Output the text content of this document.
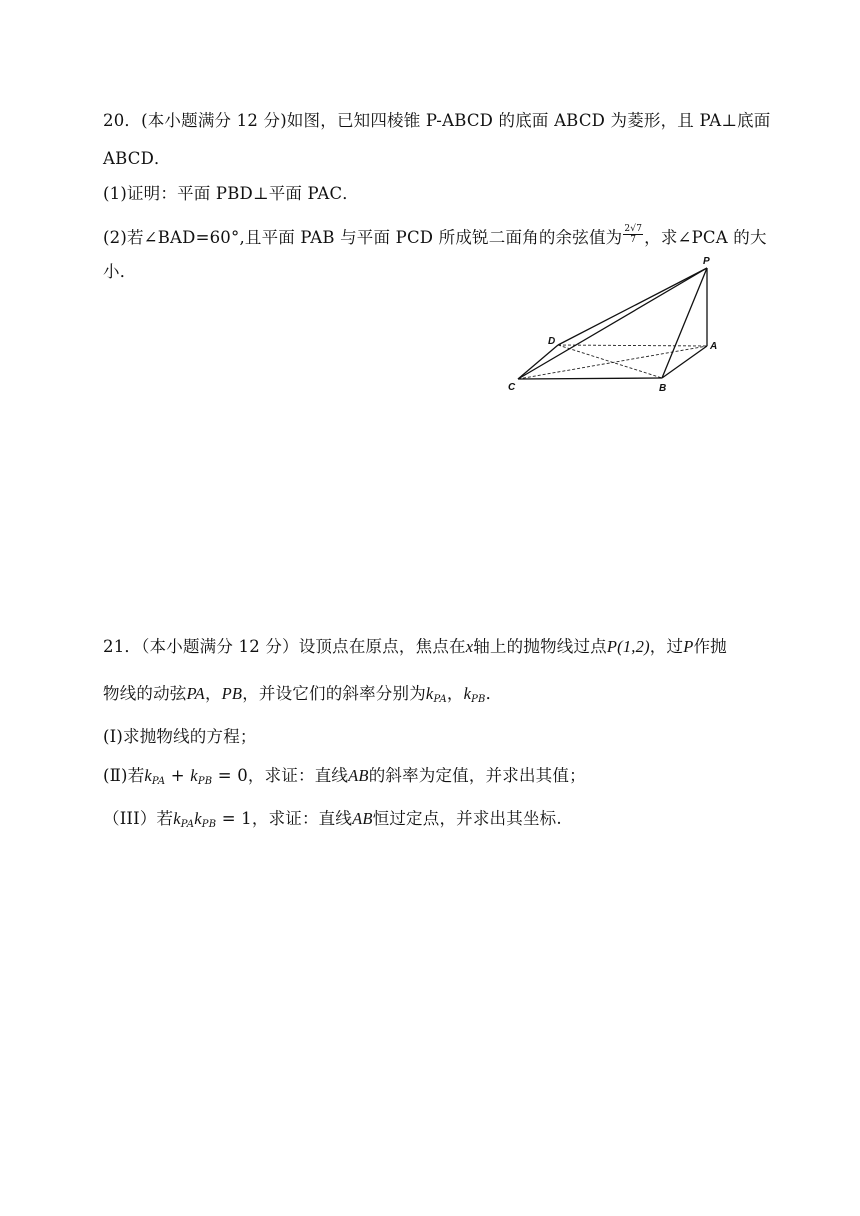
20．(本小题满分 12 分)如图，已知四棱锥 P-ABCD 的底面 ABCD 为菱形，且 PA⊥底面
ABCD．
(1)证明：平面 PBD⊥平面 PAC．
(2)若∠BAD=60°,且平面 PAB 与平面 PCD 所成锐二面角的余弦值为 $\frac{2√7}{7}$ ，求∠PCA 的大
小．
P
A
B
C
D
21．（本小题满分 12 分）设顶点在原点，焦点在x轴上的抛物线过点P(1,2)，过P作抛
物线的动弦PA，PB，并设它们的斜率分别为kPA，kPB．
(Ⅰ)求抛物线的方程；
(Ⅱ)若kPA + kPB = 0，求证：直线AB的斜率为定值，并求出其值；
（III）若kPAkPB = 1，求证：直线AB恒过定点，并求出其坐标.
